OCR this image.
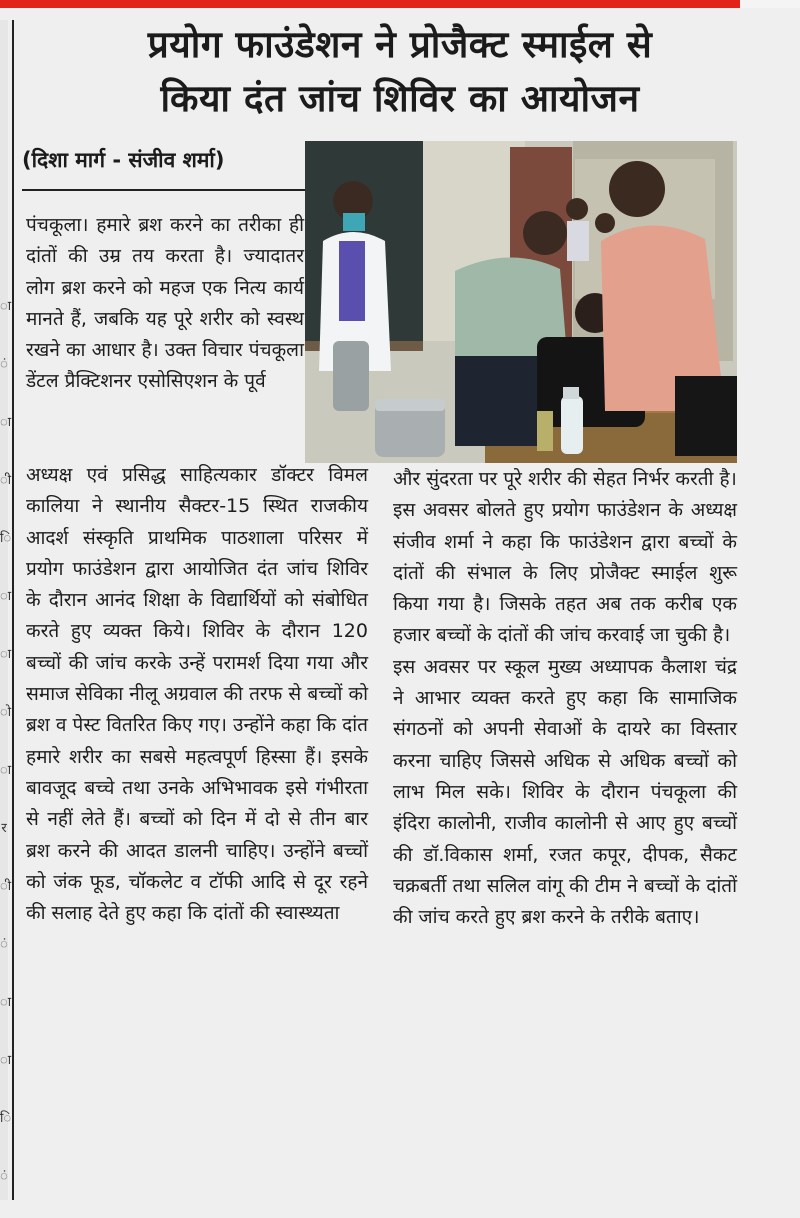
ा
ं
ा
ी
ि
ा
ा
ो
ा
र
ी
ं
ा
ा
ि
ं
प्रयोग फाउंडेशन ने प्रोजैक्ट स्माईल से
किया दंत जांच शिविर का आयोजन
(दिशा मार्ग - संजीव शर्मा)

पंचकूला। हमारे ब्रश करने का तरीका ही दांतों की उम्र तय करता है। ज्यादातर लोग ब्रश करने को महज एक नित्य कार्य मानते हैं, जबकि यह पूरे शरीर को स्वस्थ रखने का आधार है। उक्त विचार पंचकूला डेंटल प्रैक्टिशनर एसोसिएशन के पूर्व

अध्यक्ष एवं प्रसिद्ध साहित्यकार डॉक्टर विमल कालिया ने स्थानीय सैक्टर-15 स्थित राजकीय आदर्श संस्कृति प्राथमिक पाठशाला परिसर में प्रयोग फाउंडेशन द्वारा आयोजित दंत जांच शिविर के दौरान आनंद शिक्षा के विद्यार्थियों को संबोधित करते हुए व्यक्त किये। शिविर के दौरान 120 बच्चों की जांच करके उन्हें परामर्श दिया गया और समाज सेविका नीलू अग्रवाल की तरफ से बच्चों को ब्रश व पेस्ट वितरित किए गए। उन्होंने कहा कि दांत हमारे शरीर का सबसे महत्वपूर्ण हिस्सा हैं। इसके बावजूद बच्चे तथा उनके अभिभावक इसे गंभीरता से नहीं लेते हैं। बच्चों को दिन में दो से तीन बार ब्रश करने की आदत डालनी चाहिए। उन्होंने बच्चों को जंक फूड, चॉकलेट व टॉफी आदि से दूर रहने की सलाह देते हुए कहा कि दांतों की स्वास्थ्यता

और सुंदरता पर पूरे शरीर की सेहत निर्भर करती है।

इस अवसर बोलते हुए प्रयोग फाउंडेशन के अध्यक्ष संजीव शर्मा ने कहा कि फाउंडेशन द्वारा बच्चों के दांतों की संभाल के लिए प्रोजैक्ट स्माईल शुरू किया गया है। जिसके तहत अब तक करीब एक हजार बच्चों के दांतों की जांच करवाई जा चुकी है।

इस अवसर पर स्कूल मुख्य अध्यापक कैलाश चंद्र ने आभार व्यक्त करते हुए कहा कि सामाजिक संगठनों को अपनी सेवाओं के दायरे का विस्तार करना चाहिए जिससे अधिक से अधिक बच्चों को लाभ मिल सके। शिविर के दौरान पंचकूला की इंदिरा कालोनी, राजीव कालोनी से आए हुए बच्चों की डॉ.विकास शर्मा, रजत कपूर, दीपक, सैकट चक्रबर्ती तथा सलिल वांगू की टीम ने बच्चों के दांतों की जांच करते हुए ब्रश करने के तरीके बताए।
